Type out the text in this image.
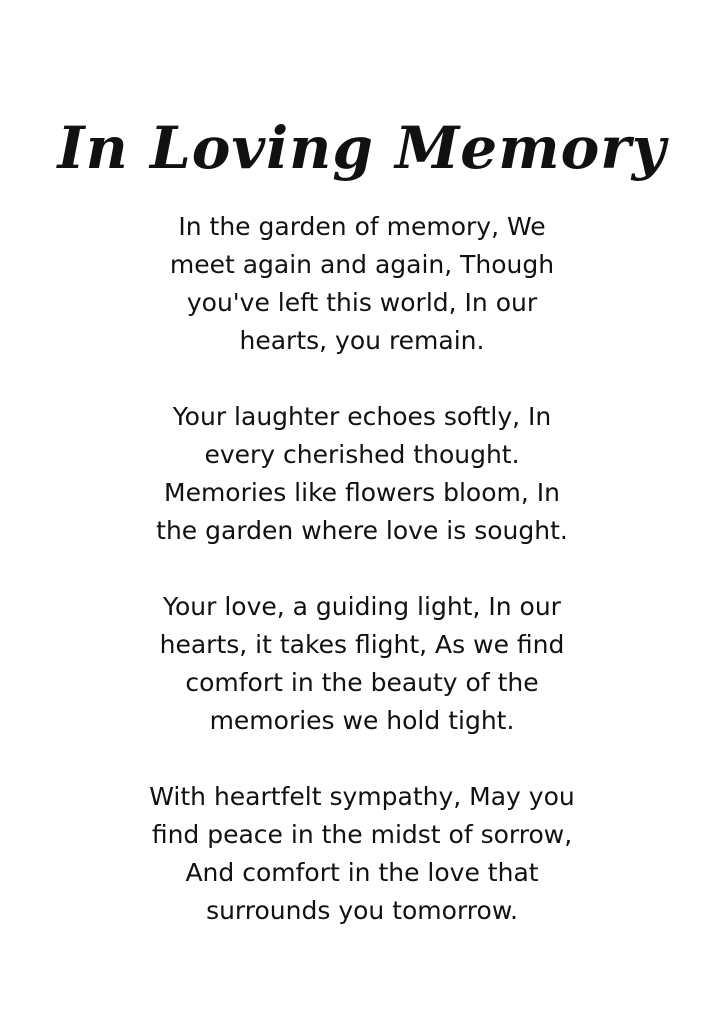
In Loving Memory
In the garden of memory, We
meet again and again, Though
you've left this world, In our
hearts, you remain.
Your laughter echoes softly, In
every cherished thought.
Memories like flowers bloom, In
the garden where love is sought.
Your love, a guiding light, In our
hearts, it takes flight, As we find
comfort in the beauty of the
memories we hold tight.
With heartfelt sympathy, May you
find peace in the midst of sorrow,
And comfort in the love that
surrounds you tomorrow.
